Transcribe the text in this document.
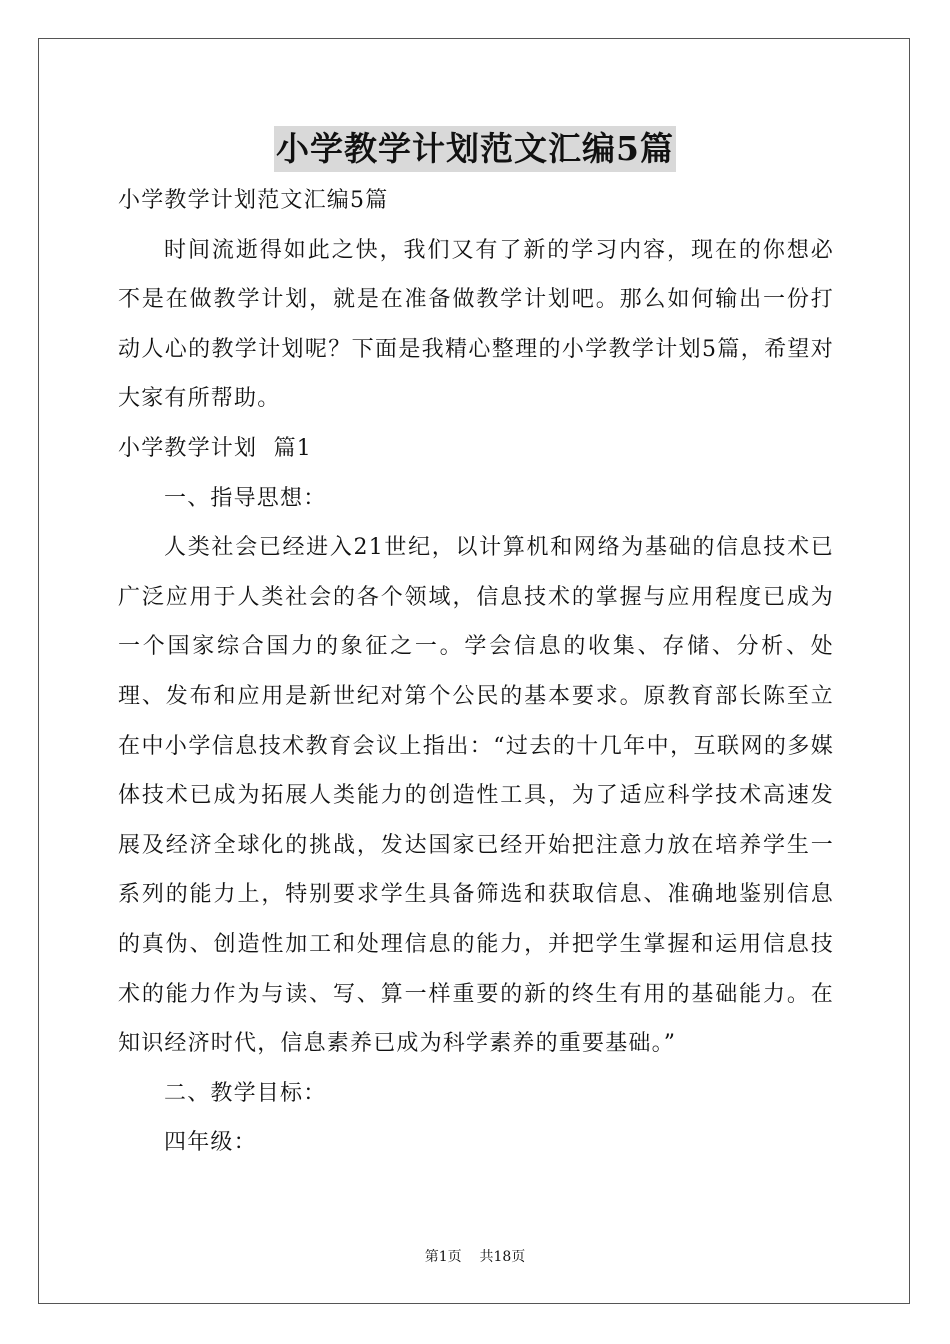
小学教学计划范文汇编5篇

小学教学计划范文汇编5篇

时间流逝得如此之快，我们又有了新的学习内容，现在的你想必不是在做教学计划，就是在准备做教学计划吧。那么如何输出一份打动人心的教学计划呢？下面是我精心整理的小学教学计划5篇，希望对大家有所帮助。

小学教学计划  篇1

一、指导思想：

人类社会已经进入21世纪，以计算机和网络为基础的信息技术已广泛应用于人类社会的各个领域，信息技术的掌握与应用程度已成为一个国家综合国力的象征之一。学会信息的收集、存储、分析、处理、发布和应用是新世纪对第个公民的基本要求。原教育部长陈至立在中小学信息技术教育会议上指出：“过去的十几年中，互联网的多媒体技术已成为拓展人类能力的创造性工具，为了适应科学技术高速发展及经济全球化的挑战，发达国家已经开始把注意力放在培养学生一系列的能力上，特别要求学生具备筛选和获取信息、准确地鉴别信息的真伪、创造性加工和处理信息的能力，并把学生掌握和运用信息技术的能力作为与读、写、算一样重要的新的终生有用的基础能力。在知识经济时代，信息素养已成为科学素养的重要基础。”

二、教学目标：

四年级：

第1页    共18页
